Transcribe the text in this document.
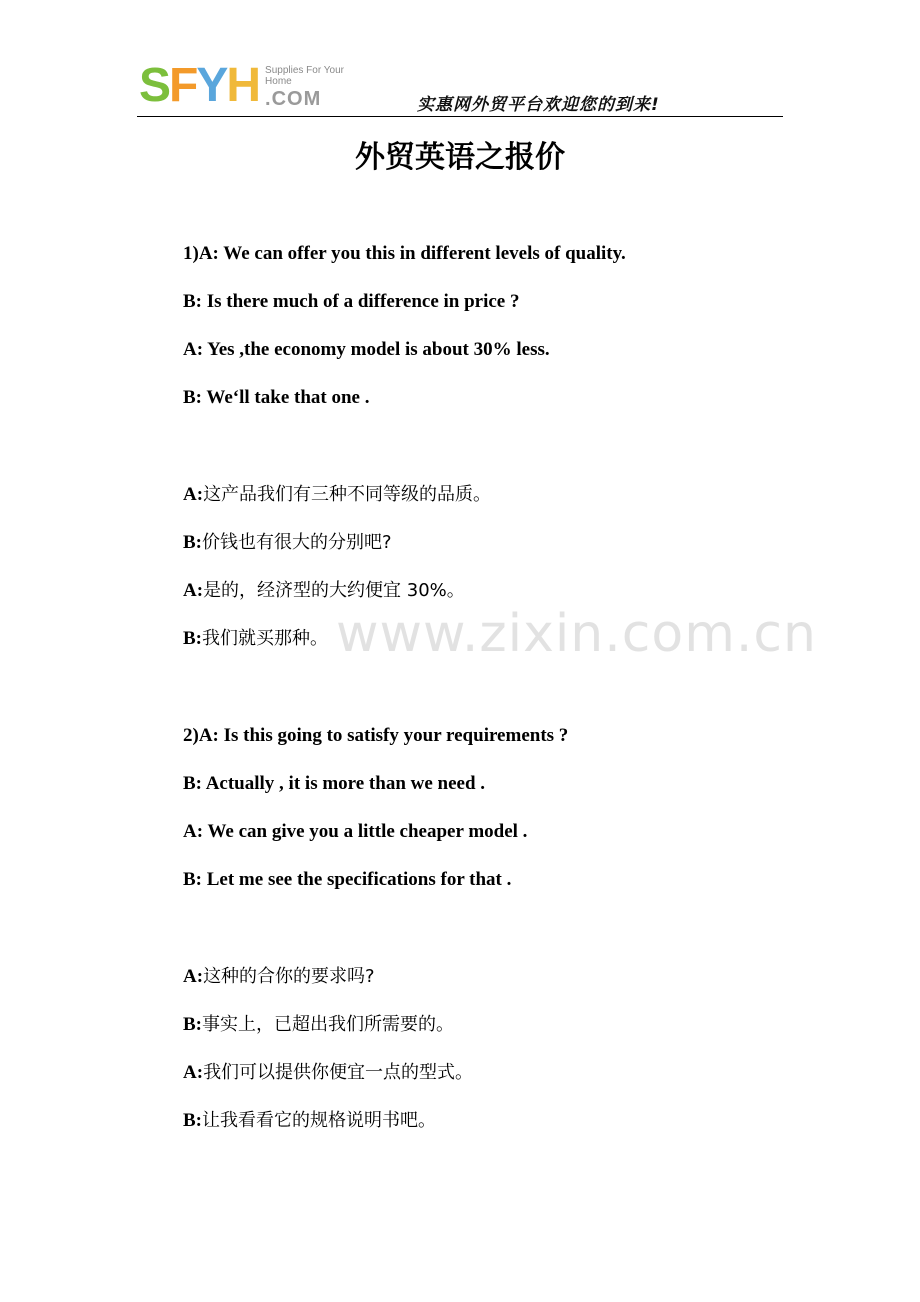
SFYH Supplies For Your Home
.COM	实惠网外贸平台欢迎您的到来!
外贸英语之报价
1)A: We can offer you this in different levels of quality.
B: Is there much of a difference in price ?
A: Yes ,the economy model is about 30% less.
B: We‘ll take that one .
A:这产品我们有三种不同等级的品质。
B:价钱也有很大的分别吧?
A:是的，经济型的大约便宜 30%。
B:我们就买那种。 www.zixin.com.cn
2)A: Is this going to satisfy your requirements ?
B: Actually , it is more than we need .
A: We can give you a little cheaper model .
B: Let me see the specifications for that .
A:这种的合你的要求吗?
B:事实上，已超出我们所需要的。
A:我们可以提供你便宜一点的型式。
B:让我看看它的规格说明书吧。
